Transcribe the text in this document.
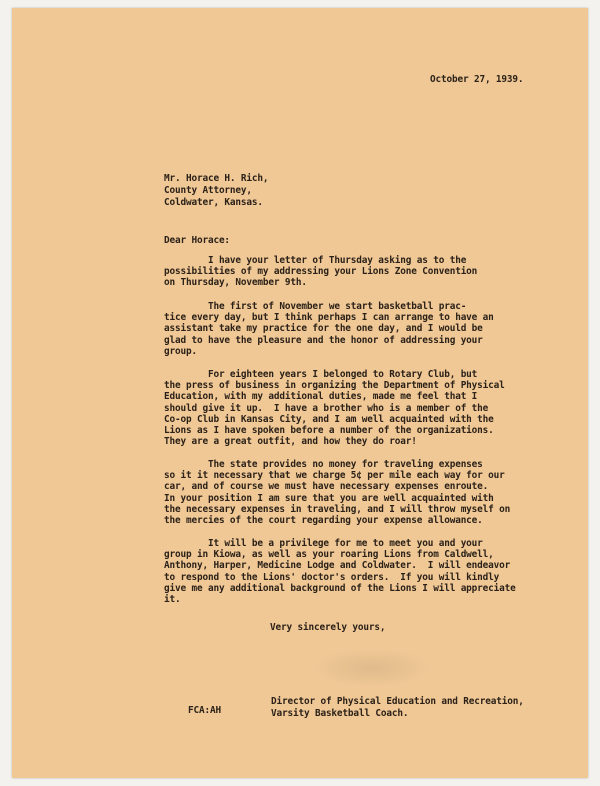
October 27, 1939.
Mr. Horace H. Rich,
County Attorney,
Coldwater, Kansas.
Dear Horace:
I have your letter of Thursday asking as to the
possibilities of my addressing your Lions Zone Convention
on Thursday, November 9th.
The first of November we start basketball prac-
tice every day, but I think perhaps I can arrange to have an
assistant take my practice for the one day, and I would be
glad to have the pleasure and the honor of addressing your
group.
For eighteen years I belonged to Rotary Club, but
the press of business in organizing the Department of Physical
Education, with my additional duties, made me feel that I
should give it up.  I have a brother who is a member of the
Co-op Club in Kansas City, and I am well acquainted with the
Lions as I have spoken before a number of the organizations.
They are a great outfit, and how they do roar!
The state provides no money for traveling expenses
so it it necessary that we charge 5¢ per mile each way for our
car, and of course we must have necessary expenses enroute.
In your position I am sure that you are well acquainted with
the necessary expenses in traveling, and I will throw myself on
the mercies of the court regarding your expense allowance.
It will be a privilege for me to meet you and your
group in Kiowa, as well as your roaring Lions from Caldwell,
Anthony, Harper, Medicine Lodge and Coldwater.  I will endeavor
to respond to the Lions' doctor's orders.  If you will kindly
give me any additional background of the Lions I will appreciate
it.
Very sincerely yours,
FCA:AH
Director of Physical Education and Recreation,
Varsity Basketball Coach.
